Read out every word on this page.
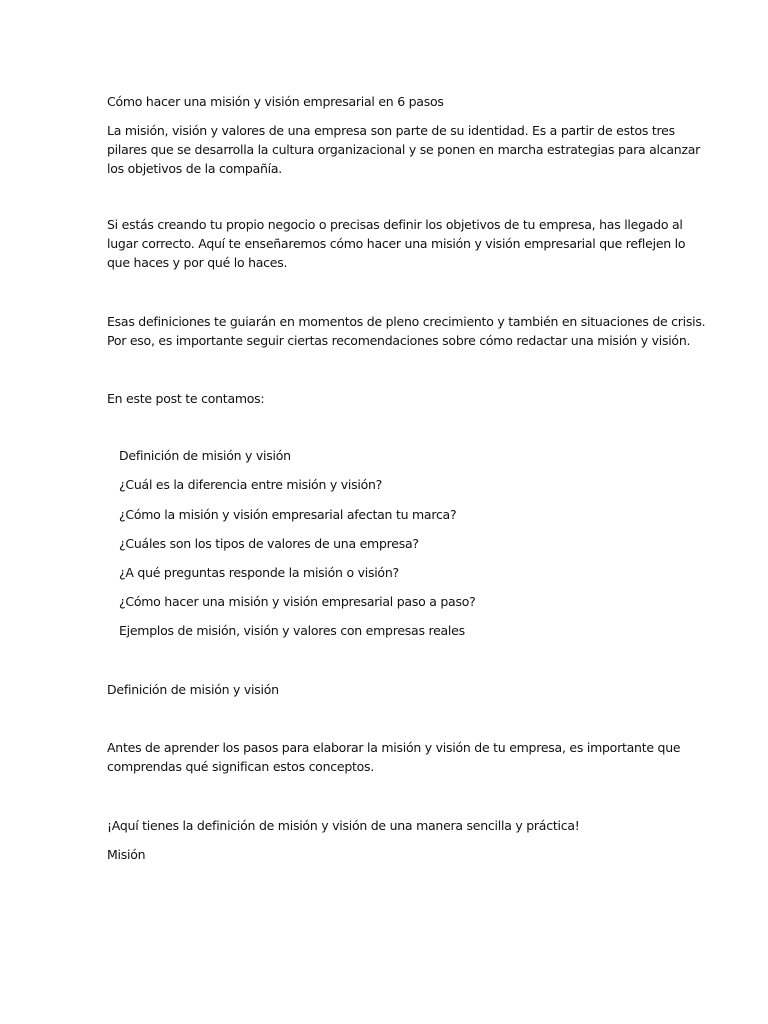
Cómo hacer una misión y visión empresarial en 6 pasos
La misión, visión y valores de una empresa son parte de su identidad. Es a partir de estos tres
pilares que se desarrolla la cultura organizacional y se ponen en marcha estrategias para alcanzar
los objetivos de la compañía.
Si estás creando tu propio negocio o precisas definir los objetivos de tu empresa, has llegado al
lugar correcto. Aquí te enseñaremos cómo hacer una misión y visión empresarial que reflejen lo
que haces y por qué lo haces.
Esas definiciones te guiarán en momentos de pleno crecimiento y también en situaciones de crisis.
Por eso, es importante seguir ciertas recomendaciones sobre cómo redactar una misión y visión.
En este post te contamos:
Definición de misión y visión
¿Cuál es la diferencia entre misión y visión?
¿Cómo la misión y visión empresarial afectan tu marca?
¿Cuáles son los tipos de valores de una empresa?
¿A qué preguntas responde la misión o visión?
¿Cómo hacer una misión y visión empresarial paso a paso?
Ejemplos de misión, visión y valores con empresas reales
Definición de misión y visión
Antes de aprender los pasos para elaborar la misión y visión de tu empresa, es importante que
comprendas qué significan estos conceptos.
¡Aquí tienes la definición de misión y visión de una manera sencilla y práctica!
Misión
